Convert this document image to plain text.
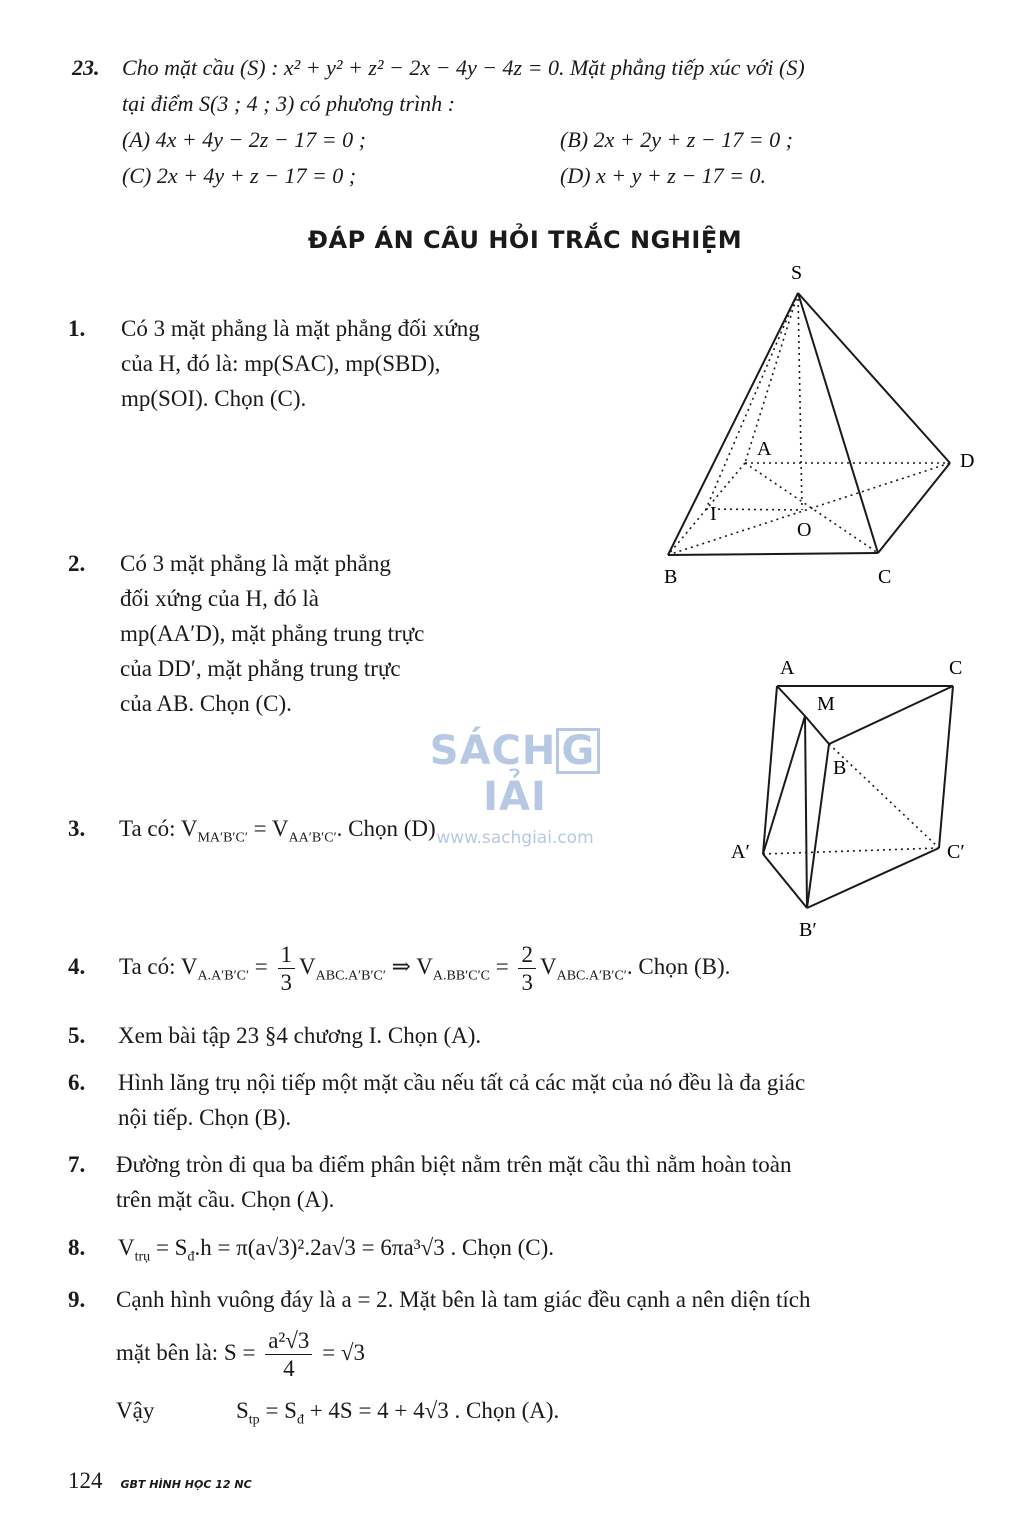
23. Cho mặt cầu (S) : x² + y² + z² − 2x − 4y − 4z = 0. Mặt phẳng tiếp xúc với (S)
tại điểm S(3 ; 4 ; 3) có phương trình :
(A) 4x + 4y − 2z − 17 = 0 ;	(B) 2x + 2y + z − 17 = 0 ;
(C) 2x + 4y + z − 17 = 0 ;	(D) x + y + z − 17 = 0.
ĐÁP ÁN CÂU HỎI TRẮC NGHIỆM
1. Có 3 mặt phẳng là mặt phẳng đối xứng
của H, đó là: mp(SAC), mp(SBD),
mp(SOI). Chọn (C).
S
A
D
I
O
B	C
2. Có 3 mặt phẳng là mặt phẳng
đối xứng của H, đó là
mp(AA′D), mặt phẳng trung trực
của DD′, mặt phẳng trung trực
của AB. Chọn (C).
A	C
M
B
A′	C′
B′
SÁCH GIẢI
www.sachgiai.com
3. Ta có: $V_{MA'B'C'} = V_{AA'B'C'}$. Chọn (D)
4. Ta có: $V_{A.A'B'C'} = \frac{1}{3} V_{ABC.A'B'C'}$ ⇒ $V_{A.BB'C'C} = \frac{2}{3} V_{ABC.A'B'C'}$. Chọn (B).
5. Xem bài tập 23 §4 chương I. Chọn (A).
6. Hình lăng trụ nội tiếp một mặt cầu nếu tất cả các mặt của nó đều là đa giác
nội tiếp. Chọn (B).
7. Đường tròn đi qua ba điểm phân biệt nằm trên mặt cầu thì nằm hoàn toàn
trên mặt cầu. Chọn (A).
8. $V_{trụ} = S_đ.h = \pi(a√3)^2.2a√3 = 6\pi a^3√3$ . Chọn (C).
9. Cạnh hình vuông đáy là a = 2. Mặt bên là tam giác đều cạnh a nên diện tích
mặt bên là: $S = \frac{\text{a²√3}}{4} = √3$
Vậy	$S_{tp} = S_đ + 4S = 4 + 4√3$ . Chọn (A).
124 GBT HÌNH HỌC 12 NC
